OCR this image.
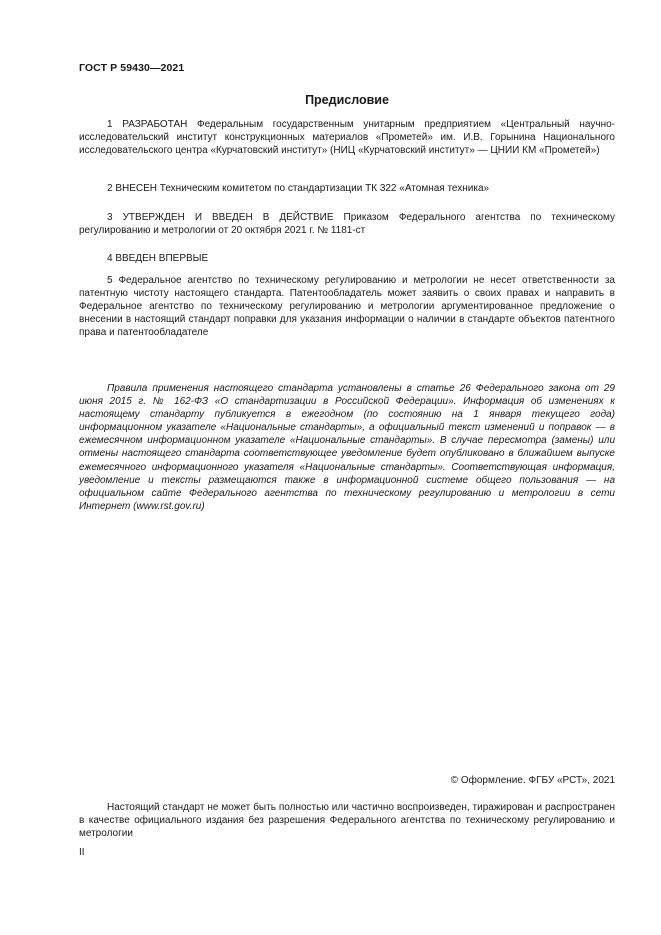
ГОСТ Р 59430—2021
Предисловие

1 РАЗРАБОТАН Федеральным государственным унитарным предприятием «Центральный научно-исследовательский институт конструкционных материалов «Прометей» им. И.В. Горынина Национального исследовательского центра «Курчатовский институт» (НИЦ «Курчатовский институт» — ЦНИИ КМ «Прометей»)

2 ВНЕСЕН Техническим комитетом по стандартизации ТК 322 «Атомная техника»

3 УТВЕРЖДЕН И ВВЕДЕН В ДЕЙСТВИЕ Приказом Федерального агентства по техническому регулированию и метрологии от 20 октября 2021 г. № 1181-ст

4 ВВЕДЕН ВПЕРВЫЕ

5 Федеральное агентство по техническому регулированию и метрологии не несет ответственности за патентную чистоту настоящего стандарта. Патентообладатель может заявить о своих правах и направить в Федеральное агентство по техническому регулированию и метрологии аргументированное предложение о внесении в настоящий стандарт поправки для указания информации о наличии в стандарте объектов патентного права и патентообладателе

Правила применения настоящего стандарта установлены в статье 26 Федерального закона от 29 июня 2015 г. № 162-ФЗ «О стандартизации в Российской Федерации». Информация об изменениях к настоящему стандарту публикуется в ежегодном (по состоянию на 1 января текущего года) информационном указателе «Национальные стандарты», а официальный текст изменений и поправок — в ежемесячном информационном указателе «Национальные стандарты». В случае пересмотра (замены) или отмены настоящего стандарта соответствующее уведомление будет опубликовано в ближайшем выпуске ежемесячного информационного указателя «Национальные стандарты». Соответствующая информация, уведомление и тексты размещаются также в информационной системе общего пользования — на официальном сайте Федерального агентства по техническому регулированию и метрологии в сети Интернет (www.rst.gov.ru)

© Оформление. ФГБУ «РСТ», 2021

Настоящий стандарт не может быть полностью или частично воспроизведен, тиражирован и распространен в качестве официального издания без разрешения Федерального агентства по техническому регулированию и метрологии

II
